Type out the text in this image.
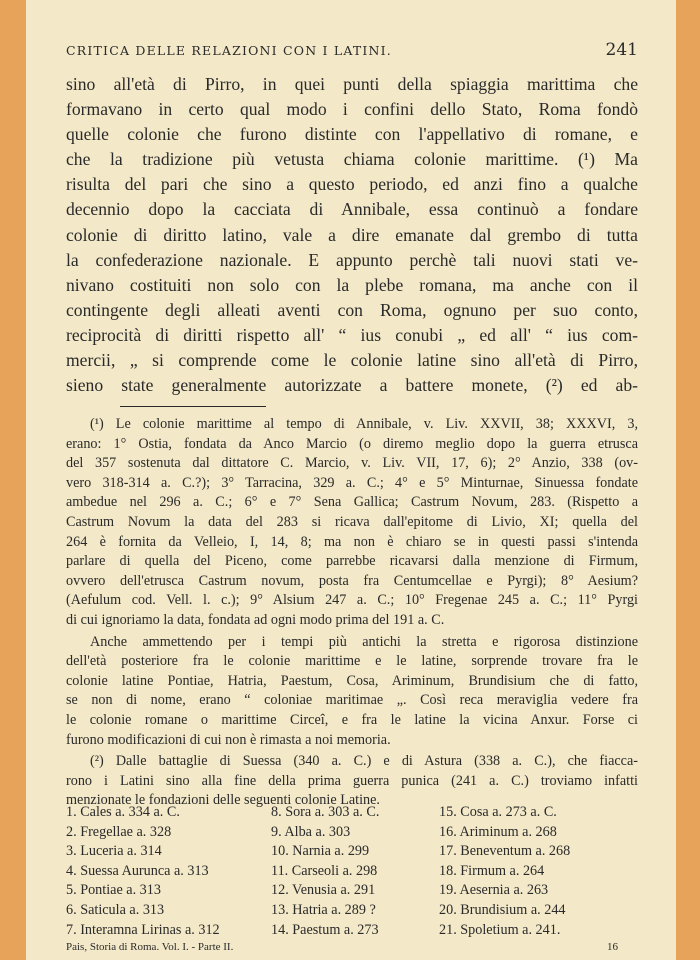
CRITICA DELLE RELAZIONI CON I LATINI.	241
sino all'età di Pirro, in quei punti della spiaggia marittima che
formavano in certo qual modo i confini dello Stato, Roma fondò
quelle colonie che furono distinte con l'appellativo di romane, e
che la tradizione più vetusta chiama colonie marittime. (¹) Ma
risulta del pari che sino a questo periodo, ed anzi fino a qualche
decennio dopo la cacciata di Annibale, essa continuò a fondare
colonie di diritto latino, vale a dire emanate dal grembo di tutta
la confederazione nazionale. E appunto perchè tali nuovi stati ve-
nivano costituiti non solo con la plebe romana, ma anche con il
contingente degli alleati aventi con Roma, ognuno per suo conto,
reciprocità di diritti rispetto all' “ ius conubi „ ed all' “ ius com-
mercii, „ si comprende come le colonie latine sino all'età di Pirro,
sieno state generalmente autorizzate a battere monete, (²) ed ab-
(¹) Le colonie marittime al tempo di Annibale, v. Liv. XXVII, 38; XXXVI, 3,
erano: 1° Ostia, fondata da Anco Marcio (o diremo meglio dopo la guerra etrusca
del 357 sostenuta dal dittatore C. Marcio, v. Liv. VII, 17, 6); 2° Anzio, 338 (ov-
vero 318-314 a. C.?); 3° Tarracina, 329 a. C.; 4° e 5° Minturnae, Sinuessa fondate
ambedue nel 296 a. C.; 6° e 7° Sena Gallica; Castrum Novum, 283. (Rispetto a
Castrum Novum la data del 283 si ricava dall'epitome di Livio, XI; quella del
264 è fornita da Velleio, I, 14, 8; ma non è chiaro se in questi passi s'intenda
parlare di quella del Piceno, come parrebbe ricavarsi dalla menzione di Firmum,
ovvero dell'etrusca Castrum novum, posta fra Centumcellae e Pyrgi); 8° Aesium?
(Aefulum cod. Vell. l. c.); 9° Alsium 247 a. C.; 10° Fregenae 245 a. C.; 11° Pyrgi
di cui ignoriamo la data, fondata ad ogni modo prima del 191 a. C.
Anche ammettendo per i tempi più antichi la stretta e rigorosa distinzione
dell'età posteriore fra le colonie marittime e le latine, sorprende trovare fra le
colonie latine Pontiae, Hatria, Paestum, Cosa, Ariminum, Brundisium che di fatto,
se non di nome, erano “ coloniae maritimae „. Così reca meraviglia vedere fra
le colonie romane o marittime Circeî, e fra le latine la vicina Anxur. Forse ci
furono modificazioni di cui non è rimasta a noi memoria.
(²) Dalle battaglie di Suessa (340 a. C.) e di Astura (338 a. C.), che fiacca-
rono i Latini sino alla fine della prima guerra punica (241 a. C.) troviamo infatti
menzionate le fondazioni delle seguenti colonie Latine.
1. Cales a. 334 a. C.	8. Sora a. 303 a. C.	15. Cosa a. 273 a. C.
2. Fregellae a. 328	9. Alba a. 303	16. Ariminum a. 268
3. Luceria a. 314	10. Narnia a. 299	17. Beneventum a. 268
4. Suessa Aurunca a. 313	11. Carseoli a. 298	18. Firmum a. 264
5. Pontiae a. 313	12. Venusia a. 291	19. Aesernia a. 263
6. Saticula a. 313	13. Hatria a. 289 ?	20. Brundisium a. 244
7. Interamna Lirinas a. 312	14. Paestum a. 273	21. Spoletium a. 241.
Pais, Storia di Roma. Vol. I. - Parte II.	16
